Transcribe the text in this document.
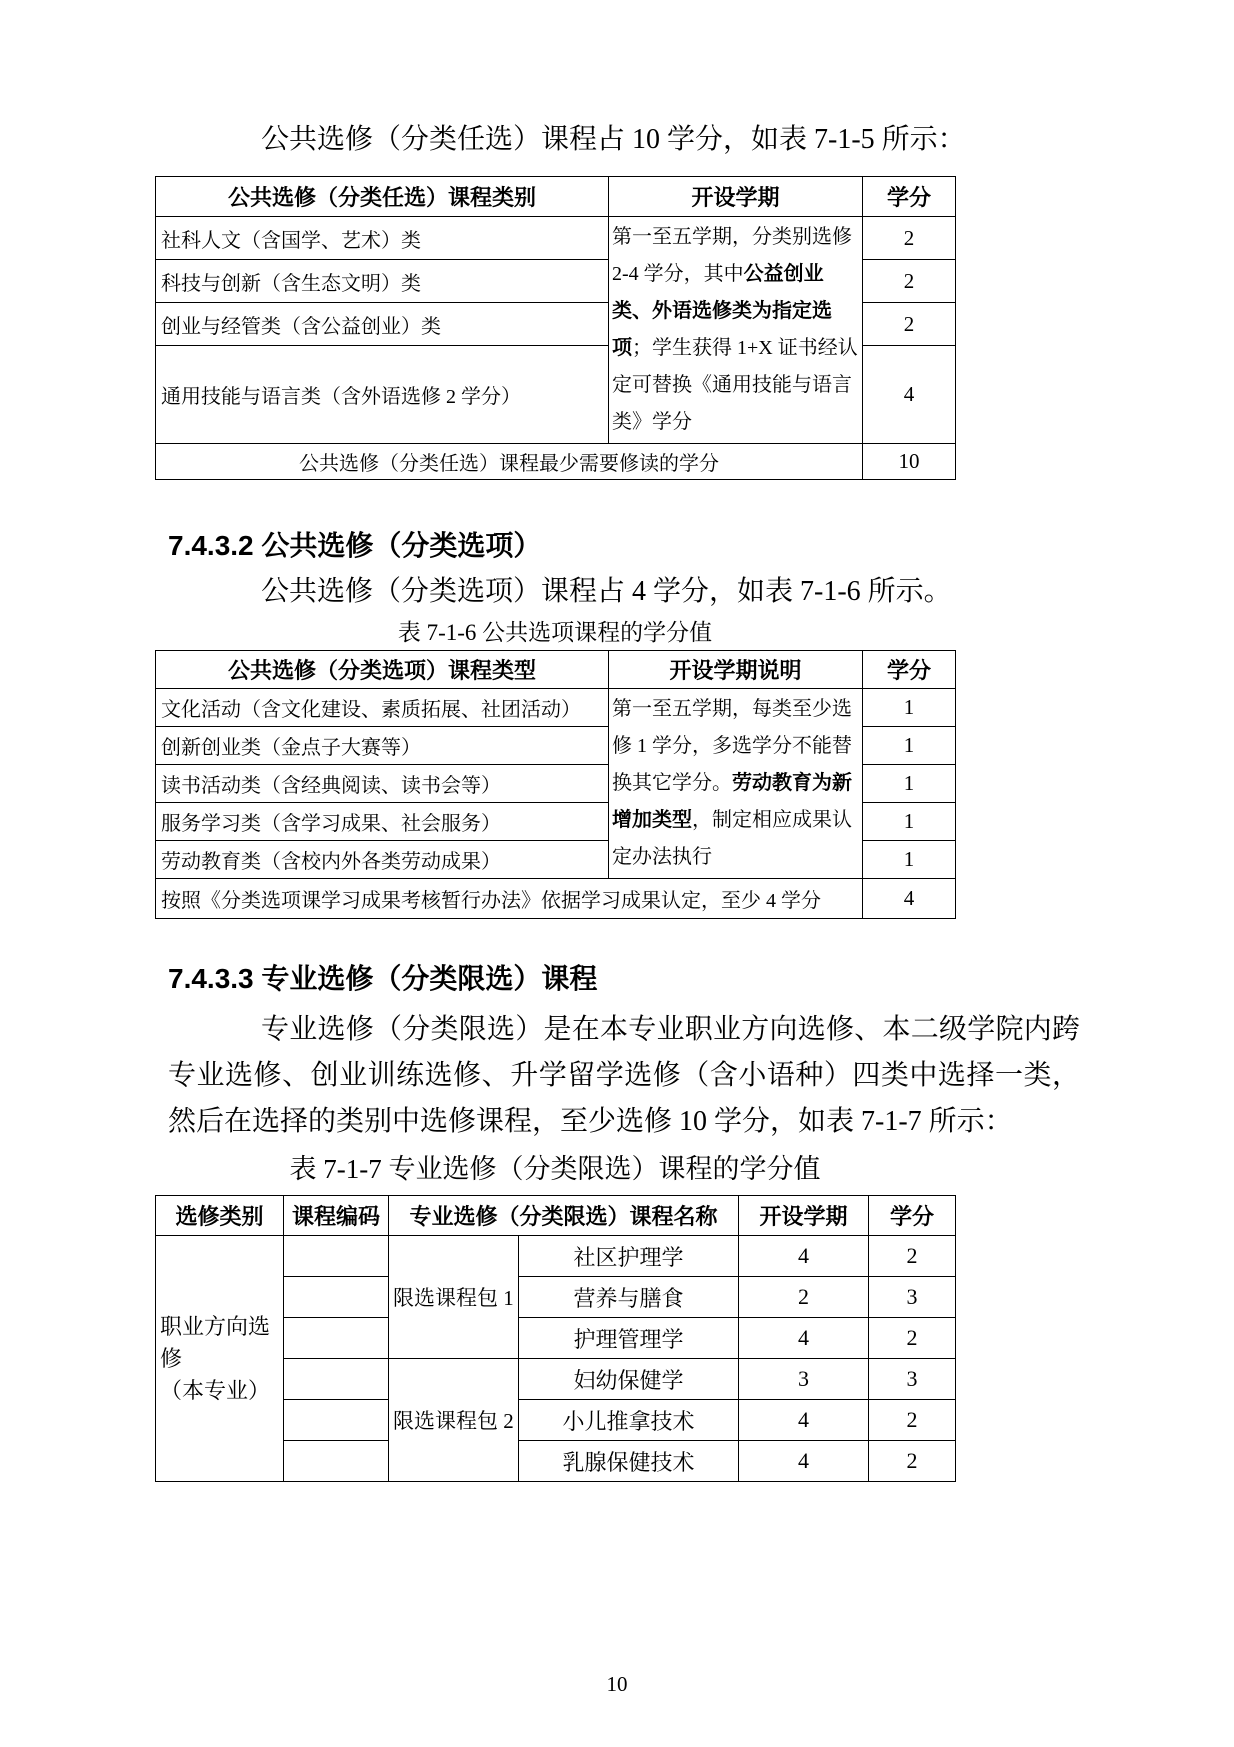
公共选修（分类任选）课程占 10 学分，如表 7-1-5 所示：

公共选修（分类任选）课程类别	开设学期	学分
社科人文（含国学、艺术）类	第一至五学期，分类别选修 2-4 学分，其中公益创业类、外语选修类为指定选项；学生获得 1+X 证书经认定可替换《通用技能与语言类》学分	2
科技与创新（含生态文明）类		2
创业与经管类（含公益创业）类		2
通用技能与语言类（含外语选修 2 学分）		4
公共选修（分类任选）课程最少需要修读的学分		10
7.4.3.2 公共选修（分类选项）

公共选修（分类选项）课程占 4 学分，如表 7-1-6 所示。

表 7-1-6 公共选项课程的学分值

公共选修（分类选项）课程类型	开设学期说明	学分
文化活动（含文化建设、素质拓展、社团活动）	第一至五学期，每类至少选修 1 学分，多选学分不能替换其它学分。劳动教育为新增加类型，制定相应成果认定办法执行	1
创新创业类（金点子大赛等）		1
读书活动类（含经典阅读、读书会等）		1
服务学习类（含学习成果、社会服务）		1
劳动教育类（含校内外各类劳动成果）		1
按照《分类选项课学习成果考核暂行办法》依据学习成果认定，至少 4 学分		4
7.4.3.3 专业选修（分类限选）课程

专业选修（分类限选）是在本专业职业方向选修、本二级学院内跨专业选修、创业训练选修、升学留学选修（含小语种）四类中选择一类，然后在选择的类别中选修课程，至少选修 10 学分，如表 7-1-7 所示：

表 7-1-7 专业选修（分类限选）课程的学分值

选修类别	课程编码	专业选修（分类限选）课程名称		开设学期	学分

职业方向选修
（本专业）		限选课程包 1	社区护理学	4	2
			营养与膳食	2	3
			护理管理学	4	2
		限选课程包 2	妇幼保健学	3	3
			小儿推拿技术	4	2
			乳腺保健技术	4	2
10
